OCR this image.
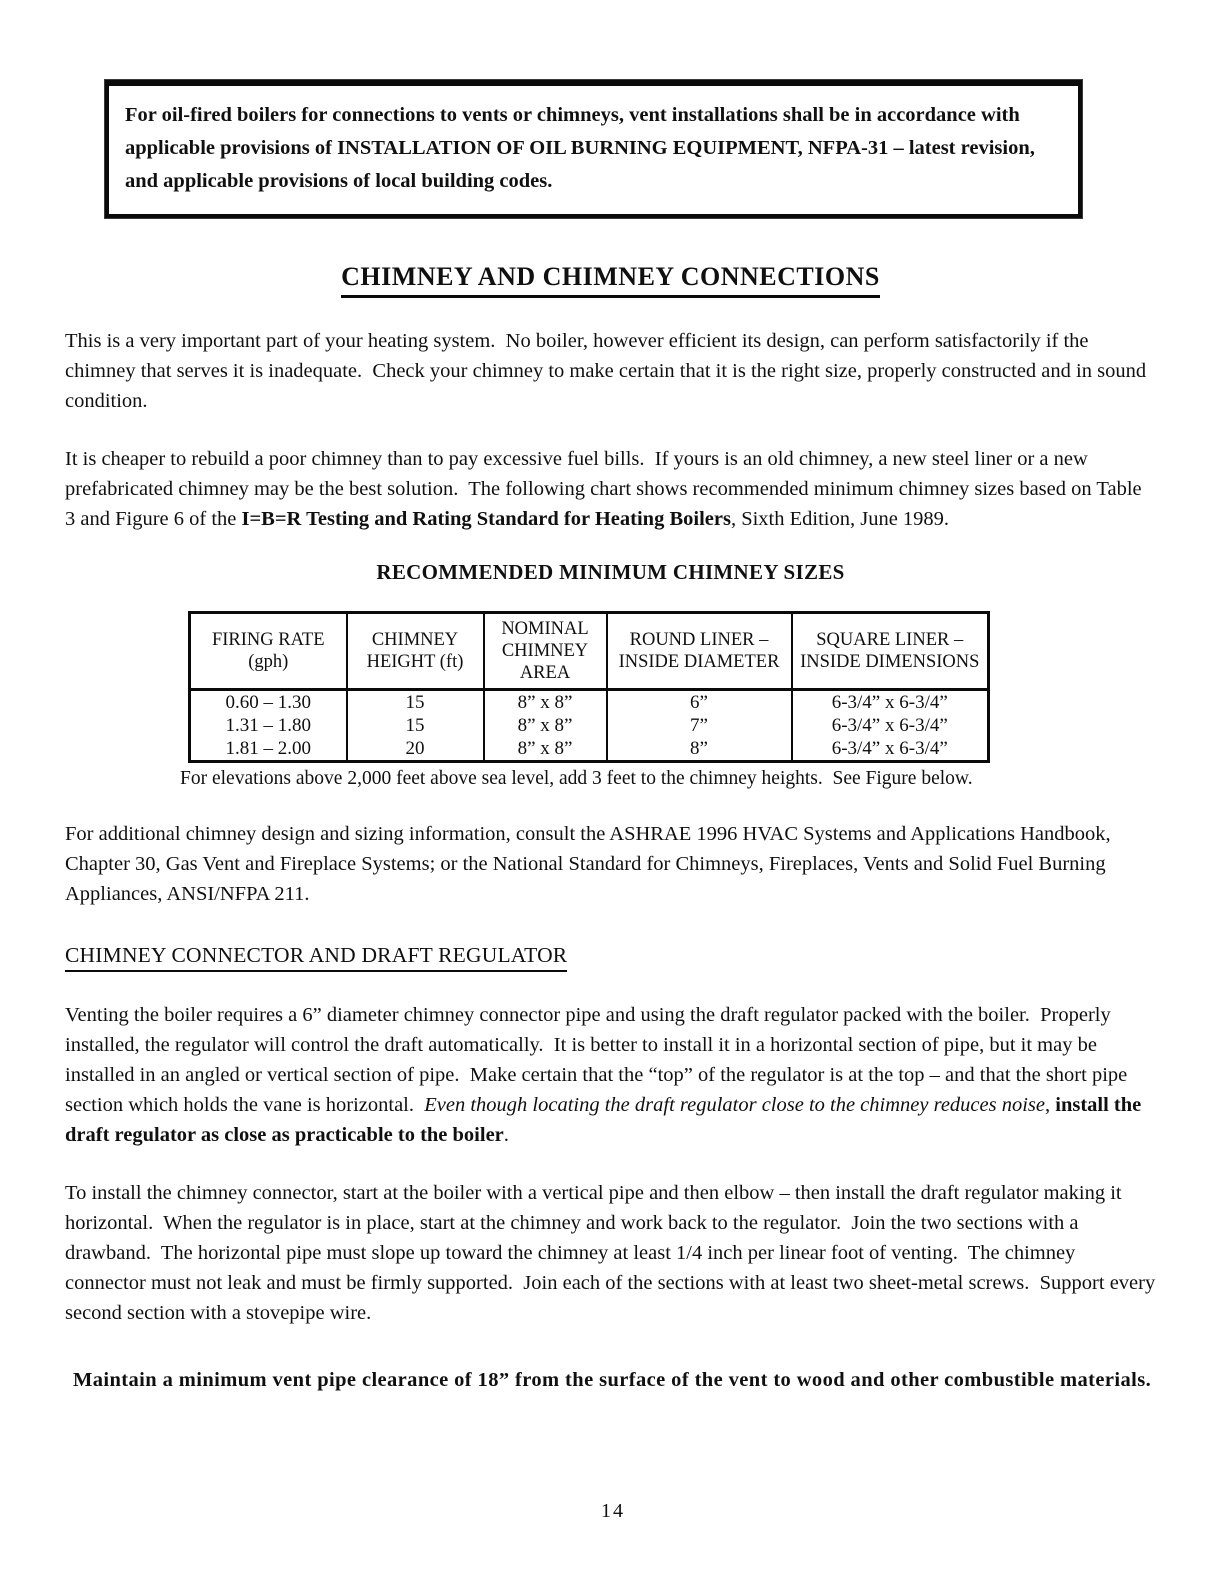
For oil-fired boilers for connections to vents or chimneys, vent installations shall be in accordance with applicable provisions of INSTALLATION OF OIL BURNING EQUIPMENT, NFPA-31 – latest revision, and applicable provisions of local building codes.
CHIMNEY AND CHIMNEY CONNECTIONS

This is a very important part of your heating system.  No boiler, however efficient its design, can perform satisfactorily if the chimney that serves it is inadequate.  Check your chimney to make certain that it is the right size, properly constructed and in sound condition.

It is cheaper to rebuild a poor chimney than to pay excessive fuel bills.  If yours is an old chimney, a new steel liner or a new prefabricated chimney may be the best solution.  The following chart shows recommended minimum chimney sizes based on Table 3 and Figure 6 of the I=B=R Testing and Rating Standard for Heating Boilers, Sixth Edition, June 1989.

RECOMMENDED MINIMUM CHIMNEY SIZES
FIRING RATE (gph)	CHIMNEY HEIGHT (ft)	NOMINAL CHIMNEY AREA	ROUND LINER – INSIDE DIAMETER	SQUARE LINER – INSIDE DIMENSIONS
0.60 – 1.30	15	8” x 8”	6”	6-3/4” x 6-3/4”
1.31 – 1.80	15	8” x 8”	7”	6-3/4” x 6-3/4”
1.81 – 2.00	20	8” x 8”	8”	6-3/4” x 6-3/4”

For elevations above 2,000 feet above sea level, add 3 feet to the chimney heights.  See Figure below.

For additional chimney design and sizing information, consult the ASHRAE 1996 HVAC Systems and Applications Handbook, Chapter 30, Gas Vent and Fireplace Systems; or the National Standard for Chimneys, Fireplaces, Vents and Solid Fuel Burning Appliances, ANSI/NFPA 211.

CHIMNEY CONNECTOR AND DRAFT REGULATOR

Venting the boiler requires a 6” diameter chimney connector pipe and using the draft regulator packed with the boiler.  Properly installed, the regulator will control the draft automatically.  It is better to install it in a horizontal section of pipe, but it may be installed in an angled or vertical section of pipe.  Make certain that the “top” of the regulator is at the top – and that the short pipe section which holds the vane is horizontal.  Even though locating the draft regulator close to the chimney reduces noise, install the draft regulator as close as practicable to the boiler.

To install the chimney connector, start at the boiler with a vertical pipe and then elbow – then install the draft regulator making it horizontal.  When the regulator is in place, start at the chimney and work back to the regulator.  Join the two sections with a drawband.  The horizontal pipe must slope up toward the chimney at least 1/4 inch per linear foot of venting.  The chimney connector must not leak and must be firmly supported.  Join each of the sections with at least two sheet-metal screws.  Support every second section with a stovepipe wire.

Maintain a minimum vent pipe clearance of 18” from the surface of the vent to wood and other combustible materials.

14
